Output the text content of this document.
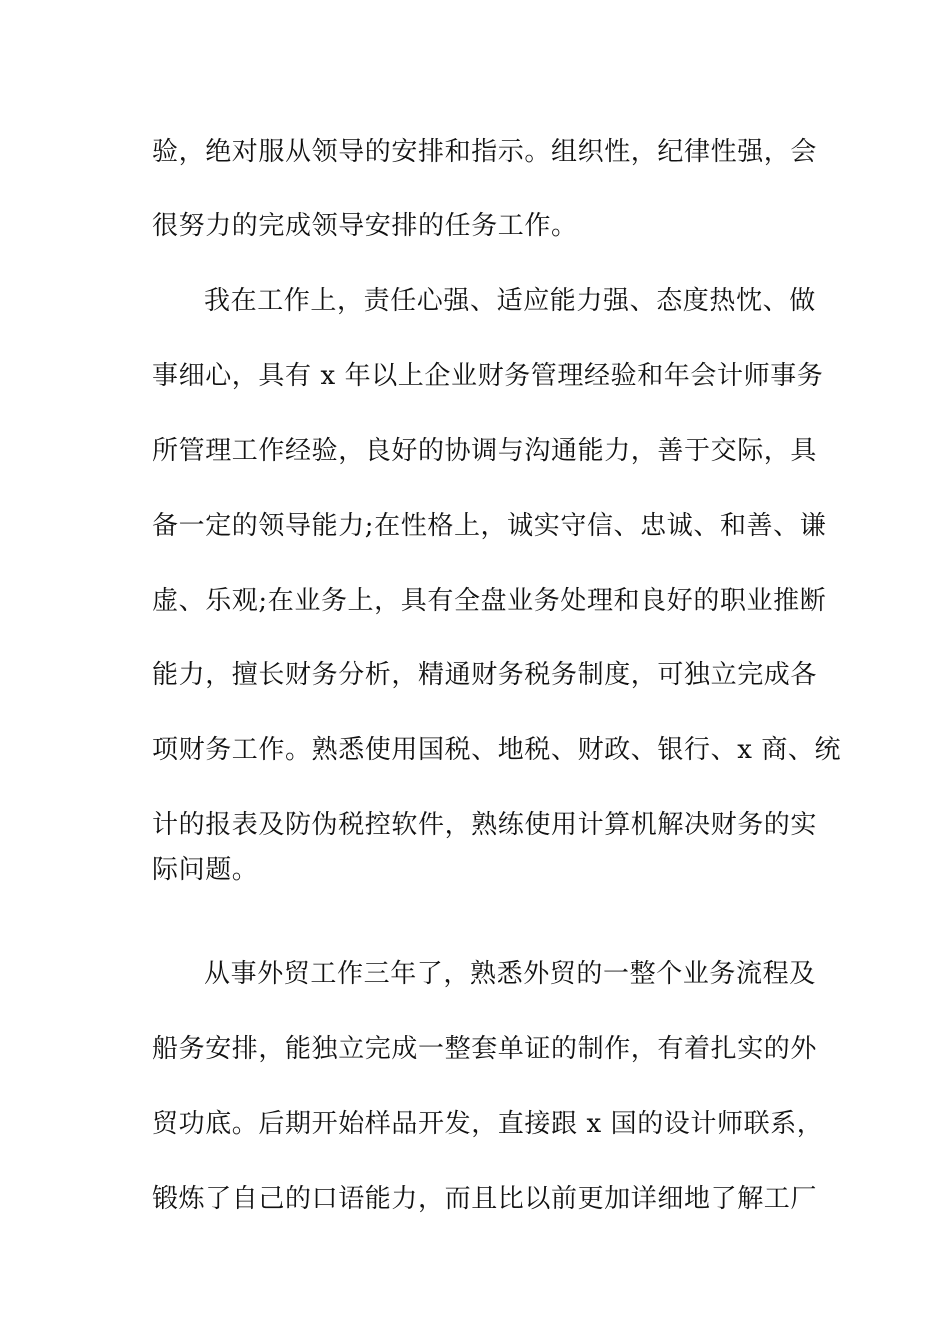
验，绝对服从领导的安排和指示。组织性，纪律性强，会
很努力的完成领导安排的任务工作。
我在工作上，责任心强、适应能力强、态度热忱、做
事细心，具有 x 年以上企业财务管理经验和年会计师事务
所管理工作经验，良好的协调与沟通能力，善于交际，具
备一定的领导能力;在性格上，诚实守信、忠诚、和善、谦
虚、乐观;在业务上，具有全盘业务处理和良好的职业推断
能力，擅长财务分析，精通财务税务制度，可独立完成各
项财务工作。熟悉使用国税、地税、财政、银行、x 商、统
计的报表及防伪税控软件，熟练使用计算机解决财务的实
际问题。
从事外贸工作三年了，熟悉外贸的一整个业务流程及
船务安排，能独立完成一整套单证的制作，有着扎实的外
贸功底。后期开始样品开发，直接跟 x 国的设计师联系，
锻炼了自己的口语能力，而且比以前更加详细地了解工厂
